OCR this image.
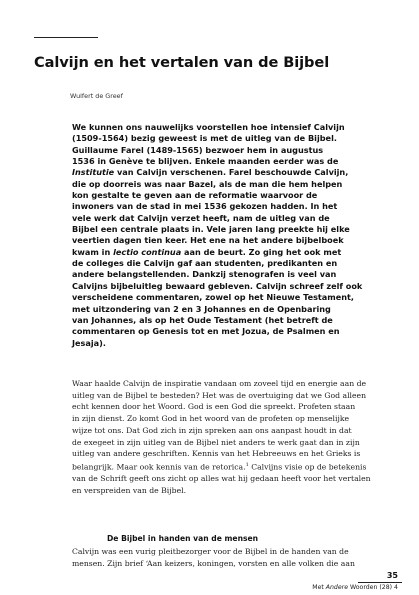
Calvijn en het vertalen van de Bijbel

Wulfert de Greef

We kunnen ons nauwelijks voorstellen hoe intensief Calvijn
(1509-1564) bezig geweest is met de uitleg van de Bijbel.
Guillaume Farel (1489-1565) bezwoer hem in augustus
1536 in Genève te blijven. Enkele maanden eerder was de
Institutie van Calvijn verschenen. Farel beschouwde Calvijn,
die op doorreis was naar Bazel, als de man die hem helpen
kon gestalte te geven aan de reformatie waarvoor de
inwoners van de stad in mei 1536 gekozen hadden. In het
vele werk dat Calvijn verzet heeft, nam de uitleg van de
Bijbel een centrale plaats in. Vele jaren lang preekte hij elke
veertien dagen tien keer. Het ene na het andere bijbelboek
kwam in lectio continua aan de beurt. Zo ging het ook met
de colleges die Calvijn gaf aan studenten, predikanten en
andere belangstellenden. Dankzij stenografen is veel van
Calvijns bijbeluitleg bewaard gebleven. Calvijn schreef zelf ook
verscheidene commentaren, zowel op het Nieuwe Testament,
met uitzondering van 2 en 3 Johannes en de Openbaring
van Johannes, als op het Oude Testament (het betreft de
commentaren op Genesis tot en met Jozua, de Psalmen en
Jesaja).

Waar haalde Calvijn de inspiratie vandaan om zoveel tijd en energie aan de
uitleg van de Bijbel te besteden? Het was de overtuiging dat we God alleen
echt kennen door het Woord. God is een God die spreekt. Profeten staan
in zijn dienst. Zo komt God in het woord van de profeten op menselijke
wijze tot ons. Dat God zich in zijn spreken aan ons aanpast houdt in dat
de exegeet in zijn uitleg van de Bijbel niet anders te werk gaat dan in zijn
uitleg van andere geschriften. Kennis van het Hebreeuws en het Grieks is
belangrijk. Maar ook kennis van de retorica.$^1$ Calvijns visie op de betekenis
van de Schrift geeft ons zicht op alles wat hij gedaan heeft voor het vertalen
en verspreiden van de Bijbel.

De Bijbel in handen van de mensen

Calvijn was een vurig pleitbezorger voor de Bijbel in de handen van de
mensen. Zijn brief ‘Aan keizers, koningen, vorsten en alle volken die aan

35

Met Andere Woorden (28) 4
